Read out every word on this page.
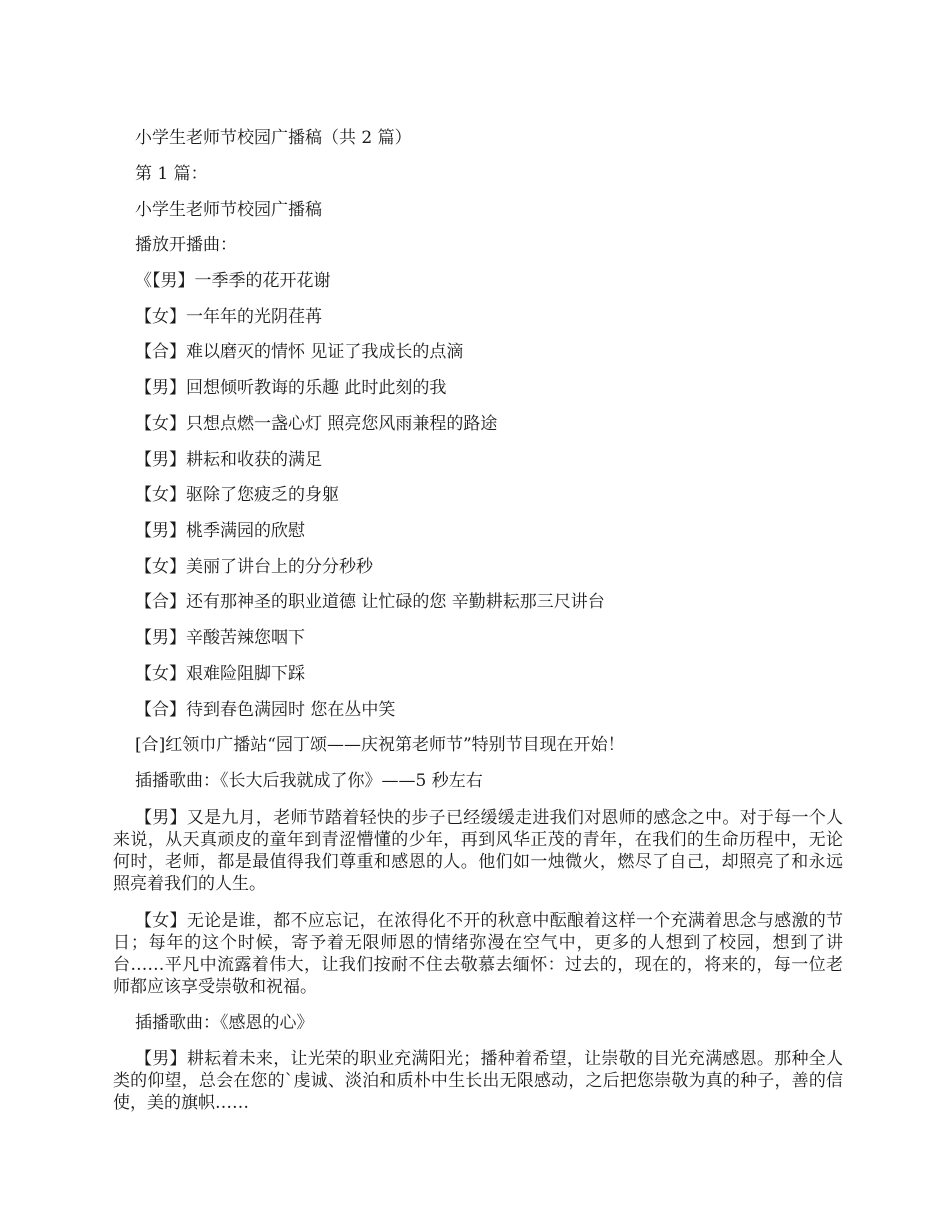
小学生老师节校园广播稿（共 2 篇）
第 1 篇：
小学生老师节校园广播稿
播放开播曲：
《【男】一季季的花开花谢
【女】一年年的光阴荏苒
【合】难以磨灭的情怀 见证了我成长的点滴
【男】回想倾听教诲的乐趣 此时此刻的我
【女】只想点燃一盏心灯 照亮您风雨兼程的路途
【男】耕耘和收获的满足
【女】驱除了您疲乏的身躯
【男】桃季满园的欣慰
【女】美丽了讲台上的分分秒秒
【合】还有那神圣的职业道德 让忙碌的您 辛勤耕耘那三尺讲台
【男】辛酸苦辣您咽下
【女】艰难险阻脚下踩
【合】待到春色满园时 您在丛中笑
[合]红领巾广播站“园丁颂——庆祝第老师节”特别节目现在开始！
插播歌曲：《长大后我就成了你》——5 秒左右
【男】又是九月，老师节踏着轻快的步子已经缓缓走进我们对恩师的感念之中。对于每一个人来说，从天真顽皮的童年到青涩懵懂的少年，再到风华正茂的青年，在我们的生命历程中，无论何时，老师，都是最值得我们尊重和感恩的人。他们如一烛微火，燃尽了自己，却照亮了和永远照亮着我们的人生。
【女】无论是谁，都不应忘记，在浓得化不开的秋意中酝酿着这样一个充满着思念与感激的节日；每年的这个时候，寄予着无限师恩的情绪弥漫在空气中，更多的人想到了校园，想到了讲台……平凡中流露着伟大，让我们按耐不住去敬慕去缅怀：过去的，现在的，将来的，每一位老师都应该享受崇敬和祝福。
插播歌曲：《感恩的心》
【男】耕耘着未来，让光荣的职业充满阳光；播种着希望，让崇敬的目光充满感恩。那种全人类的仰望，总会在您的`虔诚、淡泊和质朴中生长出无限感动，之后把您崇敬为真的种子，善的信使，美的旗帜……
